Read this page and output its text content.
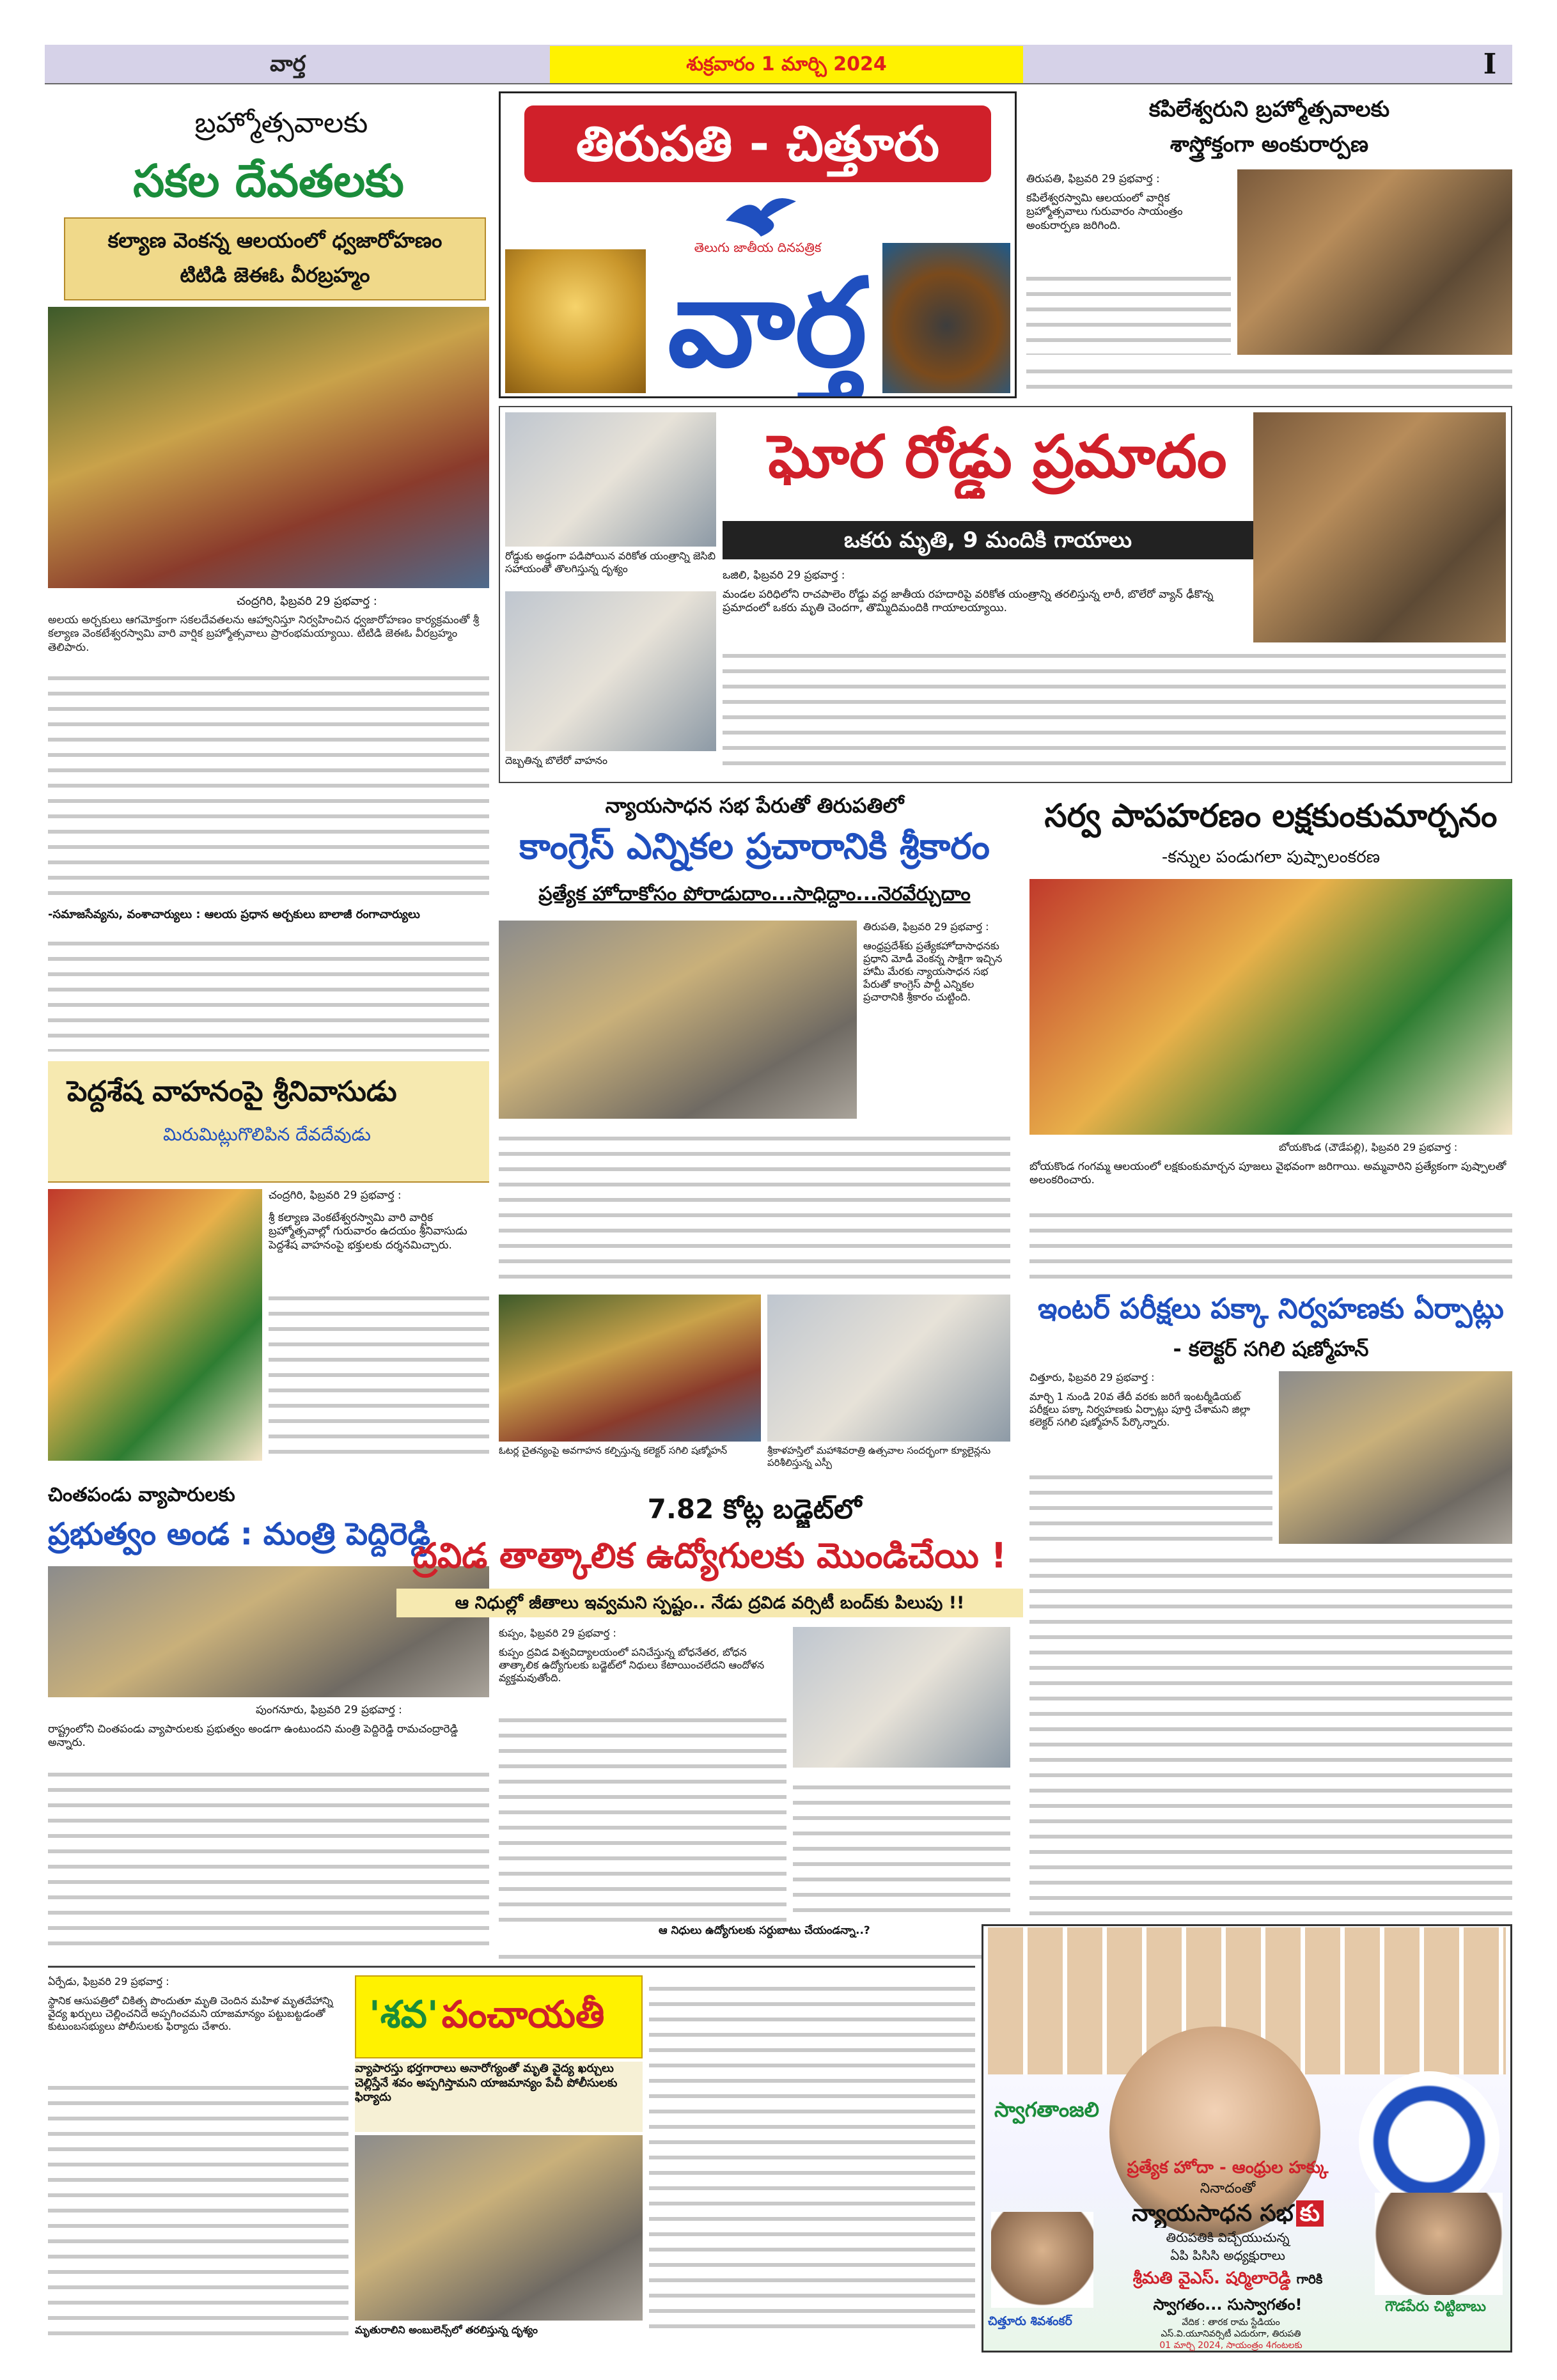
వార్త	శుక్రవారం 1 మార్చి 2024	I
బ్రహ్మోత్సవాలకు
సకల దేవతలకు
కల్యాణ వెంకన్న ఆలయంలో ధ్వజారోహణం
టిటిడి జెఈఓ వీరబ్రహ్మం
చంద్రగిరి, ఫిబ్రవరి 29 ప్రభవార్త :
అలయ అర్చకులు ఆగమోక్తంగా సకలదేవతలను ఆహ్వానిస్తూ నిర్వహించిన ధ్వజారోహణం కార్యక్రమంతో శ్రీ కల్యాణ వెంకటేశ్వరస్వామి వారి వార్షిక బ్రహ్మోత్సవాలు ప్రారంభమయ్యాయి. టిటిడి జెఈఓ వీరబ్రహ్మం తెలిపారు.
-సమాజసేవ్యను, వంశాచార్యులు : ఆలయ ప్రధాన అర్చకులు బాలాజీ రంగాచార్యులు
పెద్దశేష వాహనంపై శ్రీనివాసుడు
మిరుమిట్లుగొలిపిన దేవదేవుడు
చంద్రగిరి, ఫిబ్రవరి 29 ప్రభవార్త :
శ్రీ కల్యాణ వెంకటేశ్వరస్వామి వారి వార్షిక బ్రహ్మోత్సవాల్లో గురువారం ఉదయం శ్రీనివాసుడు పెద్దశేష వాహనంపై భక్తులకు దర్శనమిచ్చారు.
చింతపండు వ్యాపారులకు
ప్రభుత్వం అండ : మంత్రి పెద్దిరెడ్డి
పుంగనూరు, ఫిబ్రవరి 29 ప్రభవార్త :
రాష్ట్రంలోని చింతపండు వ్యాపారులకు ప్రభుత్వం అండగా ఉంటుందని మంత్రి పెద్దిరెడ్డి రామచంద్రారెడ్డి అన్నారు.
తిరుపతి - చిత్తూరు
తెలుగు జాతీయ దినపత్రిక
వార్త
కపిలేశ్వరుని బ్రహ్మోత్సవాలకు
శాస్త్రోక్తంగా అంకురార్పణ
తిరుపతి, ఫిబ్రవరి 29 ప్రభవార్త :
కపిలేశ్వరస్వామి ఆలయంలో వార్షిక బ్రహ్మోత్సవాలు గురువారం సాయంత్రం అంకురార్పణ జరిగింది.
రోడ్డుకు అడ్డంగా పడిపోయిన వరికోత యంత్రాన్ని జెసిబి సహాయంతో తొలగిస్తున్న దృశ్యం
దెబ్బతిన్న బొలేరో వాహనం
ఘోర రోడ్డు ప్రమాదం
ఒకరు మృతి, 9 మందికి గాయాలు
ఒజిలి, ఫిబ్రవరి 29 ప్రభవార్త :
మండల పరిధిలోని రాచపాలెం రోడ్డు వద్ద జాతీయ రహదారిపై వరికోత యంత్రాన్ని తరలిస్తున్న లారీ, బొలేరో వ్యాన్ ఢీకొన్న ప్రమాదంలో ఒకరు మృతి చెందగా, తొమ్మిదిమందికి గాయాలయ్యాయి.
న్యాయసాధన సభ పేరుతో తిరుపతిలో
కాంగ్రెస్ ఎన్నికల ప్రచారానికి శ్రీకారం
ప్రత్యేక హోదాకోసం పోరాడుదాం...సాధిద్దాం...నెరవేర్చుదాం
తిరుపతి, ఫిబ్రవరి 29 ప్రభవార్త :
ఆంధ్రప్రదేశ్‌కు ప్రత్యేకహోదాసాధనకు ప్రధాని మోడీ వెంకన్న సాక్షిగా ఇచ్చిన హామీ మేరకు న్యాయసాధన సభ పేరుతో కాంగ్రెస్ పార్టీ ఎన్నికల ప్రచారానికి శ్రీకారం చుట్టింది.
ఓటర్ల చైతన్యంపై అవగాహన కల్పిస్తున్న కలెక్టర్ సగిలి షణ్మోహన్	శ్రీకాళహస్తిలో మహాశివరాత్రి ఉత్సవాల సందర్భంగా క్యూలైన్లను పరిశీలిస్తున్న ఎస్పీ
సర్వ పాపహరణం లక్షకుంకుమార్చనం
-కన్నుల పండుగలా పుష్పాలంకరణ
బోయకొండ (చౌడేపల్లి), ఫిబ్రవరి 29 ప్రభవార్త :
బోయకొండ గంగమ్మ ఆలయంలో లక్షకుంకుమార్చన పూజలు వైభవంగా జరిగాయి. అమ్మవారిని ప్రత్యేకంగా పుష్పాలతో అలంకరించారు.
ఇంటర్ పరీక్షలు పక్కా నిర్వహణకు ఏర్పాట్లు
- కలెక్టర్ సగిలి షణ్మోహన్
చిత్తూరు, ఫిబ్రవరి 29 ప్రభవార్త :
మార్చి 1 నుండి 20వ తేదీ వరకు జరిగే ఇంటర్మీడియట్ పరీక్షలు పక్కా నిర్వహణకు ఏర్పాట్లు పూర్తి చేశామని జిల్లా కలెక్టర్ సగిలి షణ్మోహన్ పేర్కొన్నారు.
7.82 కోట్ల బడ్జెట్‌లో
ద్రవిడ తాత్కాలిక ఉద్యోగులకు మొండిచేయి !
ఆ నిధుల్లో జీతాలు ఇవ్వమని స్పష్టం.. నేడు ద్రవిడ వర్సిటీ బంద్‌కు పిలుపు !!
కుప్పం, ఫిబ్రవరి 29 ప్రభవార్త :
కుప్పం ద్రవిడ విశ్వవిద్యాలయంలో పనిచేస్తున్న బోధనేతర, బోధన తాత్కాలిక ఉద్యోగులకు బడ్జెట్‌లో నిధులు కేటాయించలేదని ఆందోళన వ్యక్తమవుతోంది.
ఆ నిధులు ఉద్యోగులకు సర్దుబాటు చేయండన్నా..?
ఏర్పేడు, ఫిబ్రవరి 29 ప్రభవార్త :
స్థానిక ఆసుపత్రిలో చికిత్స పొందుతూ మృతి చెందిన మహిళ మృతదేహాన్ని వైద్య ఖర్చులు చెల్లించనిదే అప్పగించమని యాజమాన్యం పట్టుబట్టడంతో కుటుంబసభ్యులు పోలీసులకు ఫిర్యాదు చేశారు.	'శవ' పంచాయతీ
వ్యాపారస్తు భర్తగారాలు అనారోగ్యంతో మృతి వైద్య ఖర్చులు చెల్లిస్తేనే శవం అప్పగిస్తామని యాజమాన్యం పేచీ పోలీసులకు ఫిర్యాదు
మృతురాలిని అంబులెన్స్‌లో తరలిస్తున్న దృశ్యం
స్వాగతాంజలి
ప్రత్యేక హోదా - ఆంధ్రుల హక్కు
నినాదంతో
న్యాయసాధన సభ కు
తిరుపతికి విచ్చేయుచున్న
ఏపి పిసిసి అధ్యక్షురాలు
శ్రీమతి వైఎస్. షర్మిలారెడ్డి గారికి
స్వాగతం... సుస్వాగతం!
చిత్తూరు శివశంకర్
గౌడపేరు చిట్టిబాబు
వేదిక : తారక రామ స్టేడియం
ఎస్.వి.యూనివర్సిటీ ఎదురుగా, తిరుపతి
01 మార్చి 2024, సాయంత్రం 4గంటలకు
